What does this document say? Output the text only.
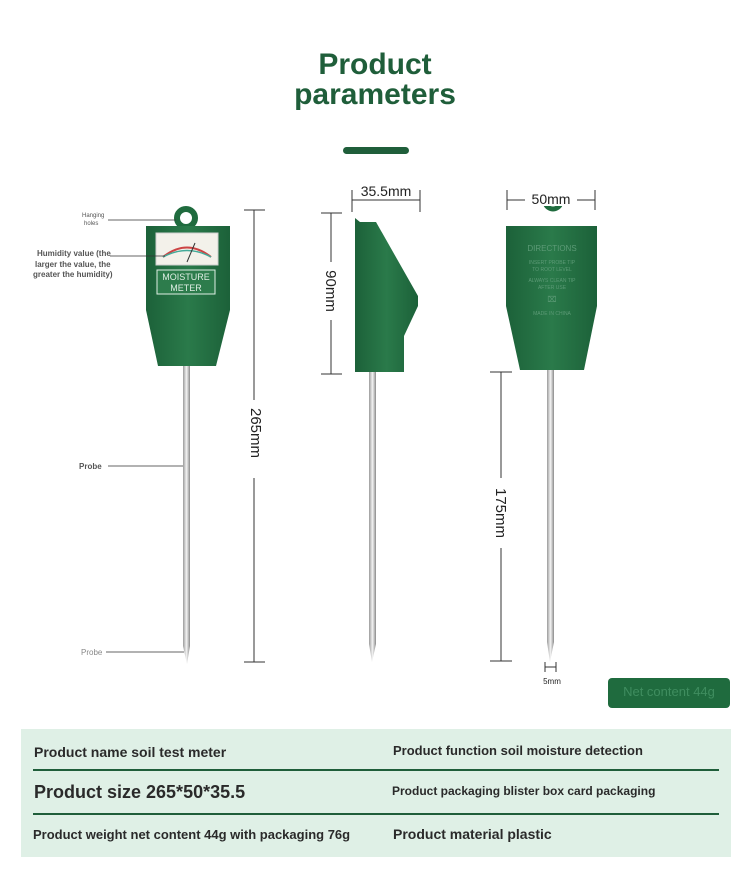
Product
parameters
MOISTURE
METER
Hanging
holes
Humidity value (the
larger the value, the
greater the humidity)
Probe
Probe
265mm
35.5mm
90mm
DIRECTIONS
INSERT PROBE TIP
TO ROOT LEVEL
ALWAYS CLEAN TIP
AFTER USE
⌧
MADE IN CHINA
50mm
175mm
5mm
Net content 44g
Product name soil test meter	Product function soil moisture detection
Product size 265*50*35.5	Product packaging blister box card packaging
Product weight net content 44g with packaging 76g	Product material plastic
